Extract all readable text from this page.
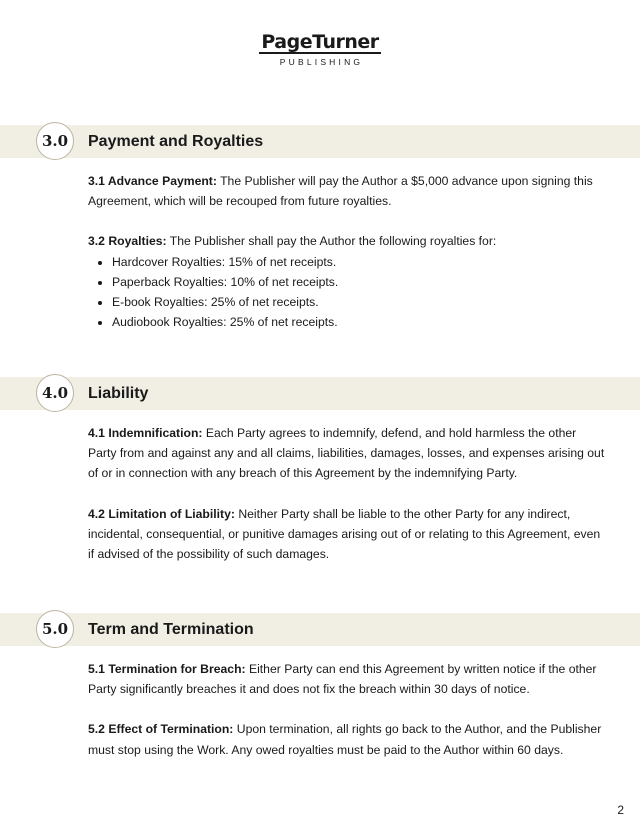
PageTurner
PUBLISHING
3.0	Payment and Royalties

3.1 Advance Payment: The Publisher will pay the Author a $5,000 advance upon signing this Agreement, which will be recouped from future royalties.

3.2 Royalties: The Publisher shall pay the Author the following royalties for:

• Hardcover Royalties: 15% of net receipts.
• Paperback Royalties: 10% of net receipts.
• E-book Royalties: 25% of net receipts.
• Audiobook Royalties: 25% of net receipts.
4.0	Liability

4.1 Indemnification: Each Party agrees to indemnify, defend, and hold harmless the other Party from and against any and all claims, liabilities, damages, losses, and expenses arising out of or in connection with any breach of this Agreement by the indemnifying Party.

4.2 Limitation of Liability: Neither Party shall be liable to the other Party for any indirect, incidental, consequential, or punitive damages arising out of or relating to this Agreement, even if advised of the possibility of such damages.

5.0	Term and Termination

5.1 Termination for Breach: Either Party can end this Agreement by written notice if the other Party significantly breaches it and does not fix the breach within 30 days of notice.

5.2 Effect of Termination: Upon termination, all rights go back to the Author, and the Publisher must stop using the Work. Any owed royalties must be paid to the Author within 60 days.

2
